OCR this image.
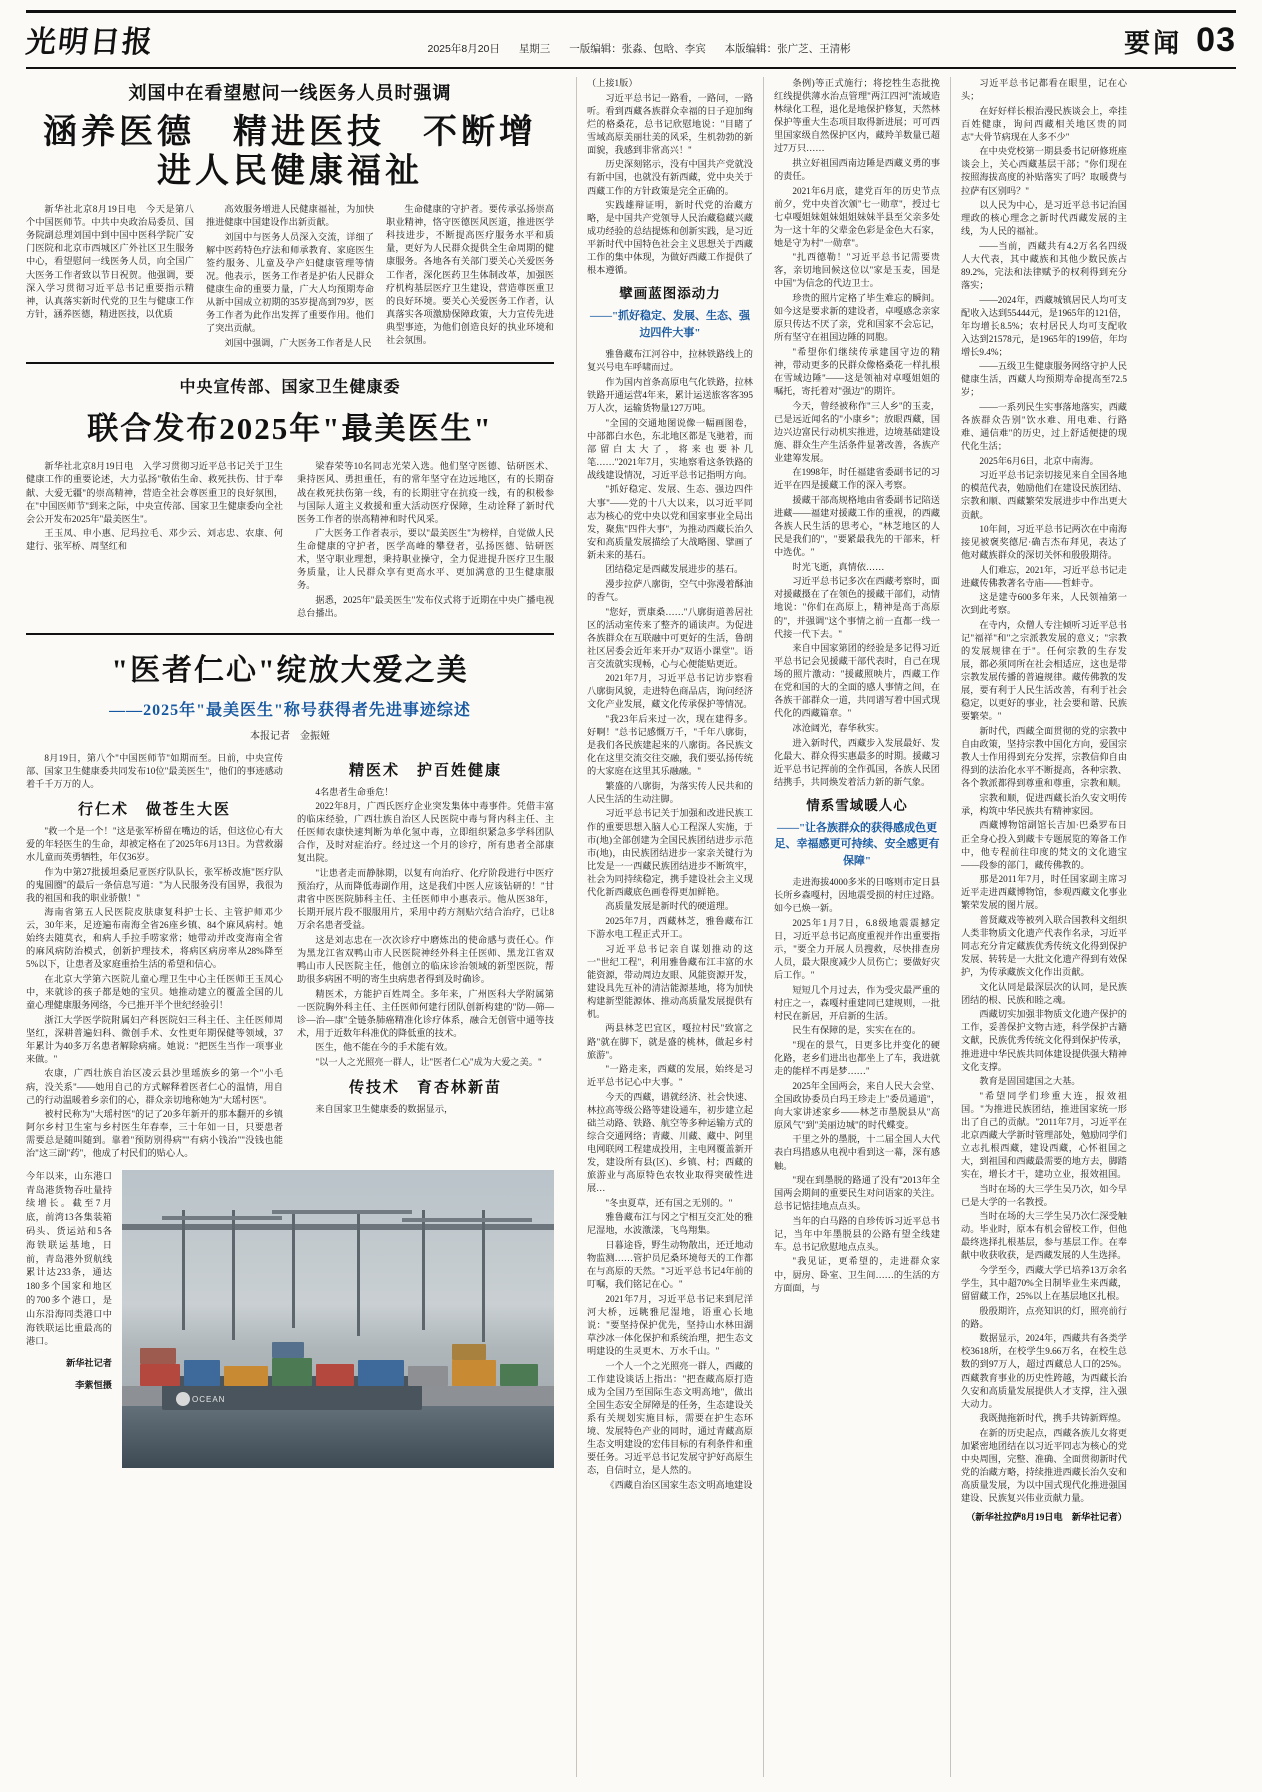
光明日报	2025年8月20日 星期三 一版编辑：张淼、包晗、李宾 本版编辑：张广芝、王清彬	要闻 03
刘国中在看望慰问一线医务人员时强调
涵养医德　精进医技　不断增进人民健康福祉

新华社北京8月19日电　今天是第八个中国医师节。中共中央政治局委员、国务院副总理刘国中到中国中医科学院广安门医院和北京市西城区广外社区卫生服务中心，看望慰问一线医务人员，向全国广大医务工作者致以节日祝贺。他强调，要深入学习贯彻习近平总书记重要指示精神，认真落实新时代党的卫生与健康工作方针，涵养医德，精进医技，以优质

高效服务增进人民健康福祉，为加快推进健康中国建设作出新贡献。

刘国中与医务人员深入交流，详细了解中医药特色疗法和师承教育、家庭医生签约服务、儿童及孕产妇健康管理等情况。他表示，医务工作者是护佑人民群众健康生命的重要力量，广大人均预期寿命从新中国成立初期的35岁提高到79岁，医务工作者为此作出发挥了重要作用。他们了突出贡献。

刘国中强调，广大医务工作者是人民

生命健康的守护者。要传承弘扬崇高职业精神，恪守医德医风医道，推进医学科技进步，不断提高医疗服务水平和质量，更好为人民群众提供全生命周期的健康服务。各地各有关部门要关心关爱医务工作者，深化医药卫生体制改革，加强医疗机构基层医疗卫生建设，营造尊医重卫的良好环境。要关心关爱医务工作者，认真落实各项激励保障政策，大力宣传先进典型事迹，为他们创造良好的执业环境和社会氛围。

中央宣传部、国家卫生健康委
联合发布2025年"最美医生"

新华社北京8月19日电　入学习贯彻习近平总书记关于卫生健康工作的重要论述，大力弘扬"敬佑生命、救死扶伤、甘于奉献、大爱无疆"的崇高精神，营造全社会尊医重卫的良好氛围，在"中国医师节"到来之际，中央宣传部、国家卫生健康委向全社会公开发布2025年"最美医生"。

王玉凤、申小惠、尼玛拉毛、邓少云、刘志忠、农康、何建行、张军桥、周坚红和

梁春荣等10名同志光荣入选。他们坚守医德、钻研医术、秉持医风、勇担重任，有的常年坚守在边远地区，有的长期奋战在救死扶伤第一线，有的长期驻守在抗疫一线，有的积极参与国际人道主义救援和重大活动医疗保障，生动诠释了新时代医务工作者的崇高精神和时代风采。

广大医务工作者表示，要以"最美医生"为榜样，自觉做人民生命健康的守护者，医学高峰的攀登者，弘扬医德、钻研医术，坚守职业理想，秉持职业操守，全力促进提升医疗卫生服务质量，让人民群众享有更高水平、更加满意的卫生健康服务。

据悉，2025年"最美医生"发布仪式将于近期在中央广播电视总台播出。

"医者仁心"绽放大爱之美
——2025年"最美医生"称号获得者先进事迹综述
本报记者　金振娅

8月19日，第八个"中国医师节"如期而至。日前，中央宣传部、国家卫生健康委共同发布10位"最美医生"，他们的事迹感动着千千万万的人。

行仁术　做苍生大医

"救一个是一个！"这是张军桥留在嘴边的话，但这位心有大爱的年轻医生的生命，却被定格在了2025年6月13日。为营救溺水儿童而英勇牺牲，年仅36岁。

作为中第27批援坦桑尼亚医疗队队长，张军桥改施"医疗队的鬼圆圈"的最后一条信息写道："为人民服务没有国界，我很为我的祖国和我的职业骄傲！"

海南省第五人民医院皮肤康复科护士长、主管护师邓少云，30年来，足迹遍布南海全省26座乡镇、84个麻风病村。她始终去随莫衣，和病人手拉手唠家常；她带动并改变海南全省的麻风病防治模式，创新护理技术，将病区病房率从28%降至5%以下，让患者及家庭重拾生活的希望和信心。

在北京大学第六医院儿童心理卫生中心主任医师王玉凤心中，来就诊的孩子都是她的宝贝。她推动建立的覆盖全国的儿童心理健康服务网络，今已推开半个世纪经验引！

浙江大学医学院附属妇产科医院妇三科主任、主任医师周坚红，深耕普遍妇科、微创手术、女性更年期保健等领域，37年累计为40多万名患者解除病痛。她说："把医生当作一项事业来做。"

农康，广西壮族自治区凌云县沙里瑶族乡的第一个"小毛病，没关系"——她用自己的方式解释着医者仁心的温情，用自己的行动温暖着乡亲们的心，群众亲切地称她为"大瑶村医"。

被村民称为"大瑶村医"的记了20多年新开的那本翻开的乡镇阿尔乡村卫生室与乡村医生年春奉，三十年如一日，只要患者需要总是随叫随到。靠着"预防别得病""有病小钱治""没钱也能治"这三副"药"，他成了村民们的贴心人。

精医术　护百姓健康

4名患者生命垂危！

2022年8月，广西氏医疗企业突发集体中毒事件。凭借丰富的临床经验，广西壮族自治区人民医院中毒与肾内科主任、主任医师农康快速判断为单化氢中毒，立即组织紧急多学科团队合作，及时对症治疗。经过这一个月的诊疗，所有患者全部康复出院。

"让患者走而静脉期，以复有向治疗、化疗阶段进行中医疗预治疗，从而降低毒副作用，这是我们中医人应该钻研的！"甘肃省中医医院肺科主任、主任医师申小惠表示。他从医38年，长期开展片段不服服用片，采用中药方剂贴穴结合治疗，已让8万余名患者受益。

这是刘志忠在一次次诊疗中磨炼出的使命感与责任心。作为黑龙江省双鸭山市人民医院神经外科主任医师、黑龙江省双鸭山市人民医院主任，他创立的临床诊治领域的新型医院，帮助很多病困不明的寄生虫病患者得到及时确诊。

精医术，方能护百姓周全。多年来，广州医科大学附属第一医院胸外科主任、主任医师何建行团队创新构建的"防—筛—诊—治—康"全链条肺癌精准化诊疗体系，融合无创管中通等技术，用于近数年科准优的降低重的技术。

医生，他不能在今的手术能有效。

"以一人之光照亮一群人，让"医者仁心"成为大爱之美。"

传技术　育杏林新苗

来自国家卫生健康委的数据显示，

今年以来，山东港口青岛港货物吞吐量持续增长。截至7月底，前湾13各集装箱码头、货运站和5各海铁联运基地，日前，青岛港外贸航线累计达233条，通达180多个国家和地区的700多个港口，是山东沿海同类港口中海铁联运比重最高的港口。
新华社记者
李紫恒摄
OCEAN

（上接1版）

习近平总书记一路看，一路问，一路听。看到西藏各族群众幸福的日子迎加绚烂的格桑花，总书记欣慰地说："目睹了雪域高原美丽壮美的风采，生机勃勃的新面貌，我感到非常高兴！"

历史深刻铭示，没有中国共产党就没有新中国，也就没有新西藏，党中央关于西藏工作的方针政策是完全正确的。

实践雄辩证明，新时代党的治藏方略，是中国共产党领导人民治藏稳藏兴藏成功经验的总结提炼和创新实践，是习近平新时代中国特色社会主义思想关于西藏工作的集中体现，为做好西藏工作提供了根本遵循。

擘画蓝图添动力
——"抓好稳定、发展、生态、强边四件大事"

雅鲁藏布江河谷中，拉林铁路线上的复兴号电车呼啸而过。

作为国内首条高原电气化铁路，拉林铁路开通运营4年来，累计运送旅客客395万人次，运输货物量127万吨。

"全国的交通地图说像一幅画图卷，中部都白水色，东北地区都是飞驰着，而部留白太大了，将来也要补几笔……"2021年7月，实地察看这条铁路的战线建设情况，习近平总书记指明方向。

"抓好稳定、发展、生态、强边四件大事"——党的十八大以来，以习近平同志为核心的党中央以党和国家事业全局出发，聚焦"四件大事"，为推动西藏长治久安和高质量发展描绘了大战略图、擘画了新未来的基石。

团结稳定是西藏发展进步的基石。

漫步拉萨八廓街，空气中弥漫着酥油的香气。

"您好，贾康桑……"八廓街道善居社区的活动室传来了整齐的诵读声。为促进各族群众在互联融中可更好的生活，鲁朗社区居委会近年来开办"双语小课堂"。语言交流就实现畅，心与心便能贴更近。

2021年7月，习近平总书记访步察看八廓街风貌，走进特色商品店，询问经济文化产业发展，藏文化传承保护等情况。

"我23年后来过一次，现在建得多。好啊！"总书记感慨万千，"千年八廓街，是我们各民族建起来的八廓街。各民族文化在这里交流交往交融，我们要弘扬传统的大家庭在这里其乐融融。"

繁盛的八廓街，为落实传人民共和的人民生活的生动注脚。

习近平总书记关于加强和改进民族工作的重要思想入脑人心工程深人实施，于市(地)全部创建为全国民族团结进步示范市(地)，由民族团结进步一家亲关键行为比发是一一西藏民族团结进步不断筑牢，社会为同持续稳定，携手建设社会主义现代化新西藏底色画卷得更加鲜艳。

高质量发展是新时代的硬道理。

2025年7月，西藏林芝，雅鲁藏布江下游水电工程正式开工。

习近平总书记亲自谋划推动的这一"世纪工程"，利用雅鲁藏布江丰富的水能资源，带动周边友眼、风能资源开发，建设具先互补的清洁能源基地，将为加快构建新型能源体、推动高质量发展提供有机。

两县林芝巴宜区，嘎拉村民"致富之路"就在脚下，就是盛的桃林，做起乡村旅游"。

"一路走来，西藏的发展，始终是习近平总书记心中大事。"

今天的西藏，谱就经济、社会快速、林拉高等级公路等建设通车，初步建立起础兰动路、铁路、航空等多种运输方式的综合交通网络；青藏、川藏、藏中、阿里电网联网工程建成投用，主电网覆盖新开发，建设所有县(区)、乡镇、村；西藏的旅游业与高原特色农牧业取得突破性进展…

"冬虫夏草，还有国之无别的。"

雅鲁藏布江与冈之宁相互交汇处的雅尼湿地，水波激漾，飞鸟翔集。

日暮途昏，野生动物散出，还迁地动物监测……管护员尼桑环境每天的工作都在与高原的天然。"习近平总书记4年前的叮嘱，我们铭记在心。"

2021年7月，习近平总书记来到尼洋河大桥，远眺雅尼湿地，语重心长地说："要坚持保护优先，坚持山水林田湖草沙冰一体化保护和系统治理，把生态文明建设的生灵更木、万水千山。"

一个人一个之光照亮一群人，西藏的工作建设谈话上指出："把查藏高原打造成为全国乃至国际生态文明高地"，做出全国生态安全屏障是的任务，生态建设关系有关规划实施目标，需要在护生态环境、发展特色产业的同时，通过青藏高原生态文明建设的宏伟目标的有利条件和重要任务。习近平总书记发展守护好高原生态，自信时立，是人然的。

《西藏自治区国家生态文明高地建设

条例)等正式施行；将挖牲生态批挽红线提供薄水治点管理"两江四河"流域造林绿化工程，退化是地保护修复，天然林保护等重大生态项目取得新进展；可可西里国家级自然保护区内，藏羚羊数量已超过7万只……

拱立好祖国西南边陲是西藏义勇的事的责任。

2021年6月底，建党百年的历史节点前夕，党中央首次颁"七一勋章"，授过七七卓嘎姐妹姐妹姐姐妹妹半县至父亲多处为一这十年的父辈金色彩是金色大石家，她是守为村"一勋章"。

"扎西德勒！"习近平总书记需要贵客，亲切地回候这位以"家是玉麦，国是中国"为信念的代边卫士。

珍贵的照片定格了毕生难忘的瞬间。如今这是要求新的建设者，卓嘎感念亲家原只传达不厌了亲，党和国家不会忘记，所有坚守在祖国边陲的同胞。

"希望你们继续传承建国守边的精神，带动更多的民群众像格桑花一样扎根在雪域边陲"——这是领袖对卓嘎姐姐的嘱托，寄托着对"强边"的期许。

今天，曾经被称作"三人乡"的玉麦，已是远近闻名的"小康乡"；放眼西藏，国边兴边富民行动机实推进，边境基础建设施、群众生产生活条件显著改善，各族产业建筹发展。

在1998年，时任福建省委副书记的习近平在四是援藏工作的深入考察。

援藏干部高规格地由省委副书记陪送进藏——福建对援藏工作的重视，的西藏各族人民生活的思考心，"林芝地区的人民是我们的"，"要紧最我先的干部来，杆中选优。"

时光飞逝，真情依……

习近平总书记多次在西藏考察时，面对援藏摄在了在领色的援藏干部们，动情地说："你们在高原上，精神是高于高原的"，并强调"这个事情之前一直都一线一代接一代下去。"

来自中国家第团的经验是多记得习近平总书记会见援藏干部代表时，自己在现场的照片激动："援藏照映片，西藏工作在党和国的大的全面的感人事情之间，在各族干部群众一道，共同谱写着中国式现代化的西藏篇章。"

冰沧阔光，春华秋实。

进入新时代，西藏步入发展最好、发化最大、群众得实惠最多的时期。援藏习近平总书记挥前的全作孤国，各族人民团结携手，共同焕发着活力新的新气象。

情系雪域暖人心
——"让各族群众的获得感成色更足、幸福感更可持续、安全感更有保障"

走进海拔4000多米的日喀则市定日县长所乡森嘎村，因地震受损的村庄过路。如今已焕一新。

2025年1月7日，6.8级地震震撼定日，习近平总书记高度重视并作出重要指示，"要全力开展人员搜救，尽快排查房人员，最大限度减少人员伤亡；要做好灾后工作。"

短短几个月过去，作为受灾最严重的村庄之一，森嘎村重建同已建规则，一批村民在新居，开启新的生活。

民生有保障的是，实实在在的。

"现在的景气，日更多比并变化的硬化路，老乡们进出也都坐上了车，我进就走的能样不再是梦……"

2025年全国两会，来自人民大会堂、全国政协委员白玛王珍走上"委员通道"，向大家讲述家乡——林芝市墨脱县从"高原风气"到"美丽边城"的时代蝶变。

干里之外的墨脱，十二届全国人大代表白玛措感从电视中看到这一幕，深有感触。

"现在到墨脱的路通了没有"2013年全国两会期间的重要民生对问语家的关注。总书记惦挂地点点头。

当年的白马路的自珍传诉习近平总书记，当年中年墨脱县的公路有望全线建车。总书记欣慰地点点头。

"我见证，更希望的，走进群众家中，厨房、卧室、卫生间……的生活的方方面面，与

习近平总书记都看在眼里，记在心头；

在好好样长根治漫民族谈会上，牵挂百姓健康，询问西藏相关地区贵的同志"大骨节病现在人多不少"

在中央党校第一期县委书记研修班座谈会上，关心西藏基层干部；"你们现在按照海拔高度的补贴落实了吗？取暖费与拉萨有区别吗？"

以人民为中心，是习近平总书记治国理政的核心理念之新时代西藏发展的主线，为人民的福祉。

——当前，西藏共有4.2万名名四级人大代表，其中藏族和其他少数民族占89.2%，完法和法律赋予的权利得到充分落实；

——2024年，西藏城镇居民人均可支配收入达到55444元，是1965年的121倍，年均增长8.5%；农村居民人均可支配收入达到21578元，是1965年的199倍，年均增长9.4%；

——五级卫生健康服务网络守护人民健康生活，西藏人均预期寿命提高至72.5岁；

——一系列民生实事落地落实，西藏各族群众告别"饮水难、用电难、行路难、通信难"的历史，过上舒适便捷的现代化生活；

2025年6月6日，北京中南海。

习近平总书记亲切接见来自全国各地的模范代表，勉励他们在建设民族团结、宗教和顺、西藏繁荣发展进步中作出更大贡献。

10年间，习近平总书记两次在中南海接见被褒奖德尼·确吉杰布拜见，表达了他对藏族群众的深切关怀和殷殷期待。

人们难忘，2021年，习近平总书记走进藏传佛教著名寺庙——哲蚌寺。

这是建寺600多年来，人民领袖第一次到此考察。

在寺内，众僧人专注倾听习近平总书记"福祥"和"之宗派教发展的意义；"宗教的发展规律在于"。任何宗教的生存发展，都必须同所在社会相适应，这也是带宗教发展传播的普遍规律。藏传佛教的发展，要有利于人民生活改善，有利于社会稳定，以更好的事业，社会要和谐、民族要繁荣。"

新时代，西藏全面贯彻的党的宗教中自由政策，坚持宗教中国化方向，爱国宗教人士作用得到充分发挥，宗教信仰自由得到的法治化水平不断提高，各种宗教、各个教派都得到尊重和尊重，宗教和顺。

宗教和顺，促进西藏长治久安文明传承，构筑中华民族共有精神家园。

西藏博物馆副馆长吉加·巴桑罗布日正全身心投入到藏卡专题展览的筹备工作中，他专程前往印度的梵文的文化遗宝——段参的部门，藏传佛教的。

那是2011年7月，时任国家副主席习近平走进西藏博物馆，参观西藏文化事业繁荣发展的图片展。

普贤藏戏等被列入联合国教科文组织人类非物质文化遗产代表作名录，习近平同志充分肯定藏族优秀传统文化得到保护发展、转转是一大批文化遗产得到有效保护，为传承藏族文化作出贡献。

文化认同是最深层次的认同，是民族团结的根、民族和睦之魂。

西藏切实加强非物质文化遗产保护的工作，妥善保护文物古迹，科学保护古籍文献，民族优秀传统文化得到保护传承，推进进中华民族共同体建设提供强大精神文化支撑。

教育是固国建国之大基。

"希望同学们珍重大连，报效祖国。"为推进民族团结，推进国家统一形出了自己的贡献。"2011年7月，习近平在北京西藏大学新时管理部处，勉励同学们立志扎根西藏，建设西藏，心怀祖国之大，到祖国和西藏最需要的地方去，脚踏实在，增长才干，建功立业，报效祖国。

当时在场的大三学生吴乃次，如今早已是大学的一名教授。

当时在场的大三学生吴乃次仁深受触动。毕业时，原本有机会留校工作，但他最终选择扎根基层，参与基层工作。在奉献中收获收获，是西藏发展的人生选择。

今学至今，西藏大学已培养13万余名学生，其中超70%全日制毕业生来西藏，留留藏工作，25%以上在基层地区扎根。

殷殷期许，点亮知识的灯，照亮前行的路。

数据显示，2024年，西藏共有各类学校3618所，在校学生9.66万名，在校生总数的到97万人，超过西藏总人口的25%。西藏教育事业的历史性跨越，为西藏长治久安和高质量发展提供人才支撑，注入强大动力。

我既抛拖新时代，携手共铸新辉煌。

在新的历史起点，西藏各族儿女将更加紧密地团结在以习近平同志为核心的党中央周围，完整、准确、全面贯彻新时代党的治藏方略，持续推进西藏长治久安和高质量发展，为以中国式现代化推进强国建设、民族复兴伟业贡献力量。

（新华社拉萨8月19日电　新华社记者）
